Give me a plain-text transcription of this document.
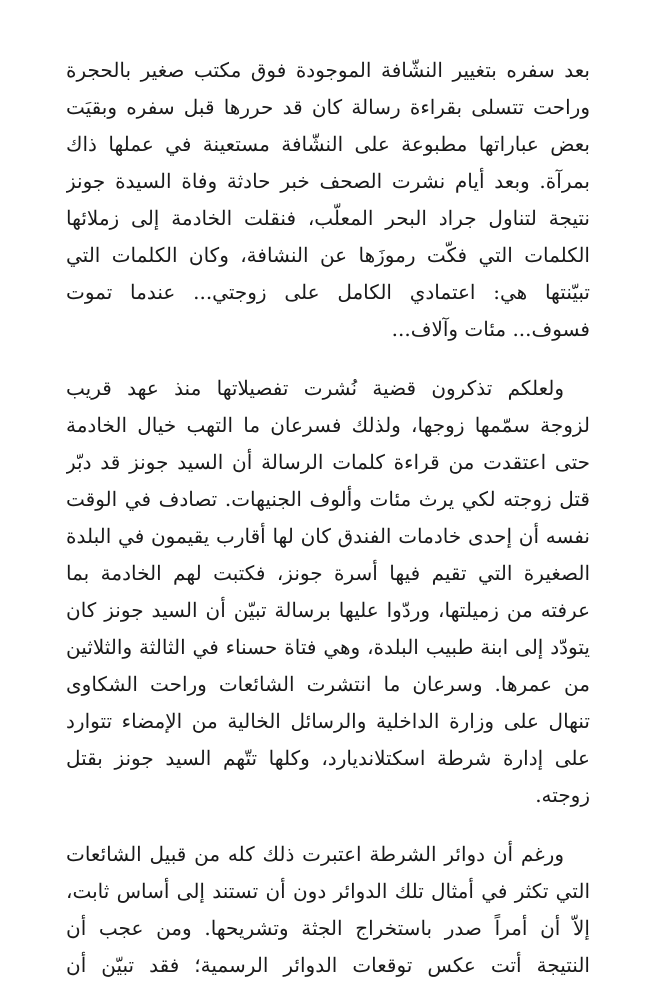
بعد سفره بتغيير النشّافة الموجودة فوق مكتب صغير بالحجرة
وراحت تتسلى بقراءة رسالة كان قد حررها قبل سفره وبقيَت
بعض عباراتها مطبوعة على النشّافة مستعينة في عملها ذاك
بمرآة. وبعد أيام نشرت الصحف خبر حادثة وفاة السيدة جونز
نتيجة لتناول جراد البحر المعلّب، فنقلت الخادمة إلى زملائها
الكلمات التي فكّت رموزَها عن النشافة، وكان الكلمات التي
تبيّنتها هي: اعتمادي الكامل على زوجتي... عندما تموت
فسوف... مئات وآلاف...

ولعلكم تذكرون قضية نُشرت تفصيلاتها منذ عهد قريب
لزوجة سمّمها زوجها، ولذلك فسرعان ما التهب خيال الخادمة
حتى اعتقدت من قراءة كلمات الرسالة أن السيد جونز قد دبّر
قتل زوجته لكي يرث مئات وألوف الجنيهات. تصادف في الوقت
نفسه أن إحدى خادمات الفندق كان لها أقارب يقيمون في البلدة
الصغيرة التي تقيم فيها أسرة جونز، فكتبت لهم الخادمة بما
عرفته من زميلتها، وردّوا عليها برسالة تبيّن أن السيد جونز كان
يتودّد إلى ابنة طبيب البلدة، وهي فتاة حسناء في الثالثة والثلاثين
من عمرها. وسرعان ما انتشرت الشائعات وراحت الشكاوى
تنهال على وزارة الداخلية والرسائل الخالية من الإمضاء تتوارد
على إدارة شرطة اسكتلانديارد، وكلها تتّهم السيد جونز بقتل
زوجته.

ورغم أن دوائر الشرطة اعتبرت ذلك كله من قبيل الشائعات
التي تكثر في أمثال تلك الدوائر دون أن تستند إلى أساس ثابت،
إلاّ أن أمراً صدر باستخراج الجثة وتشريحها. ومن عجب أن
النتيجة أتت عكس توقعات الدوائر الرسمية؛ فقد تبيّن أن
